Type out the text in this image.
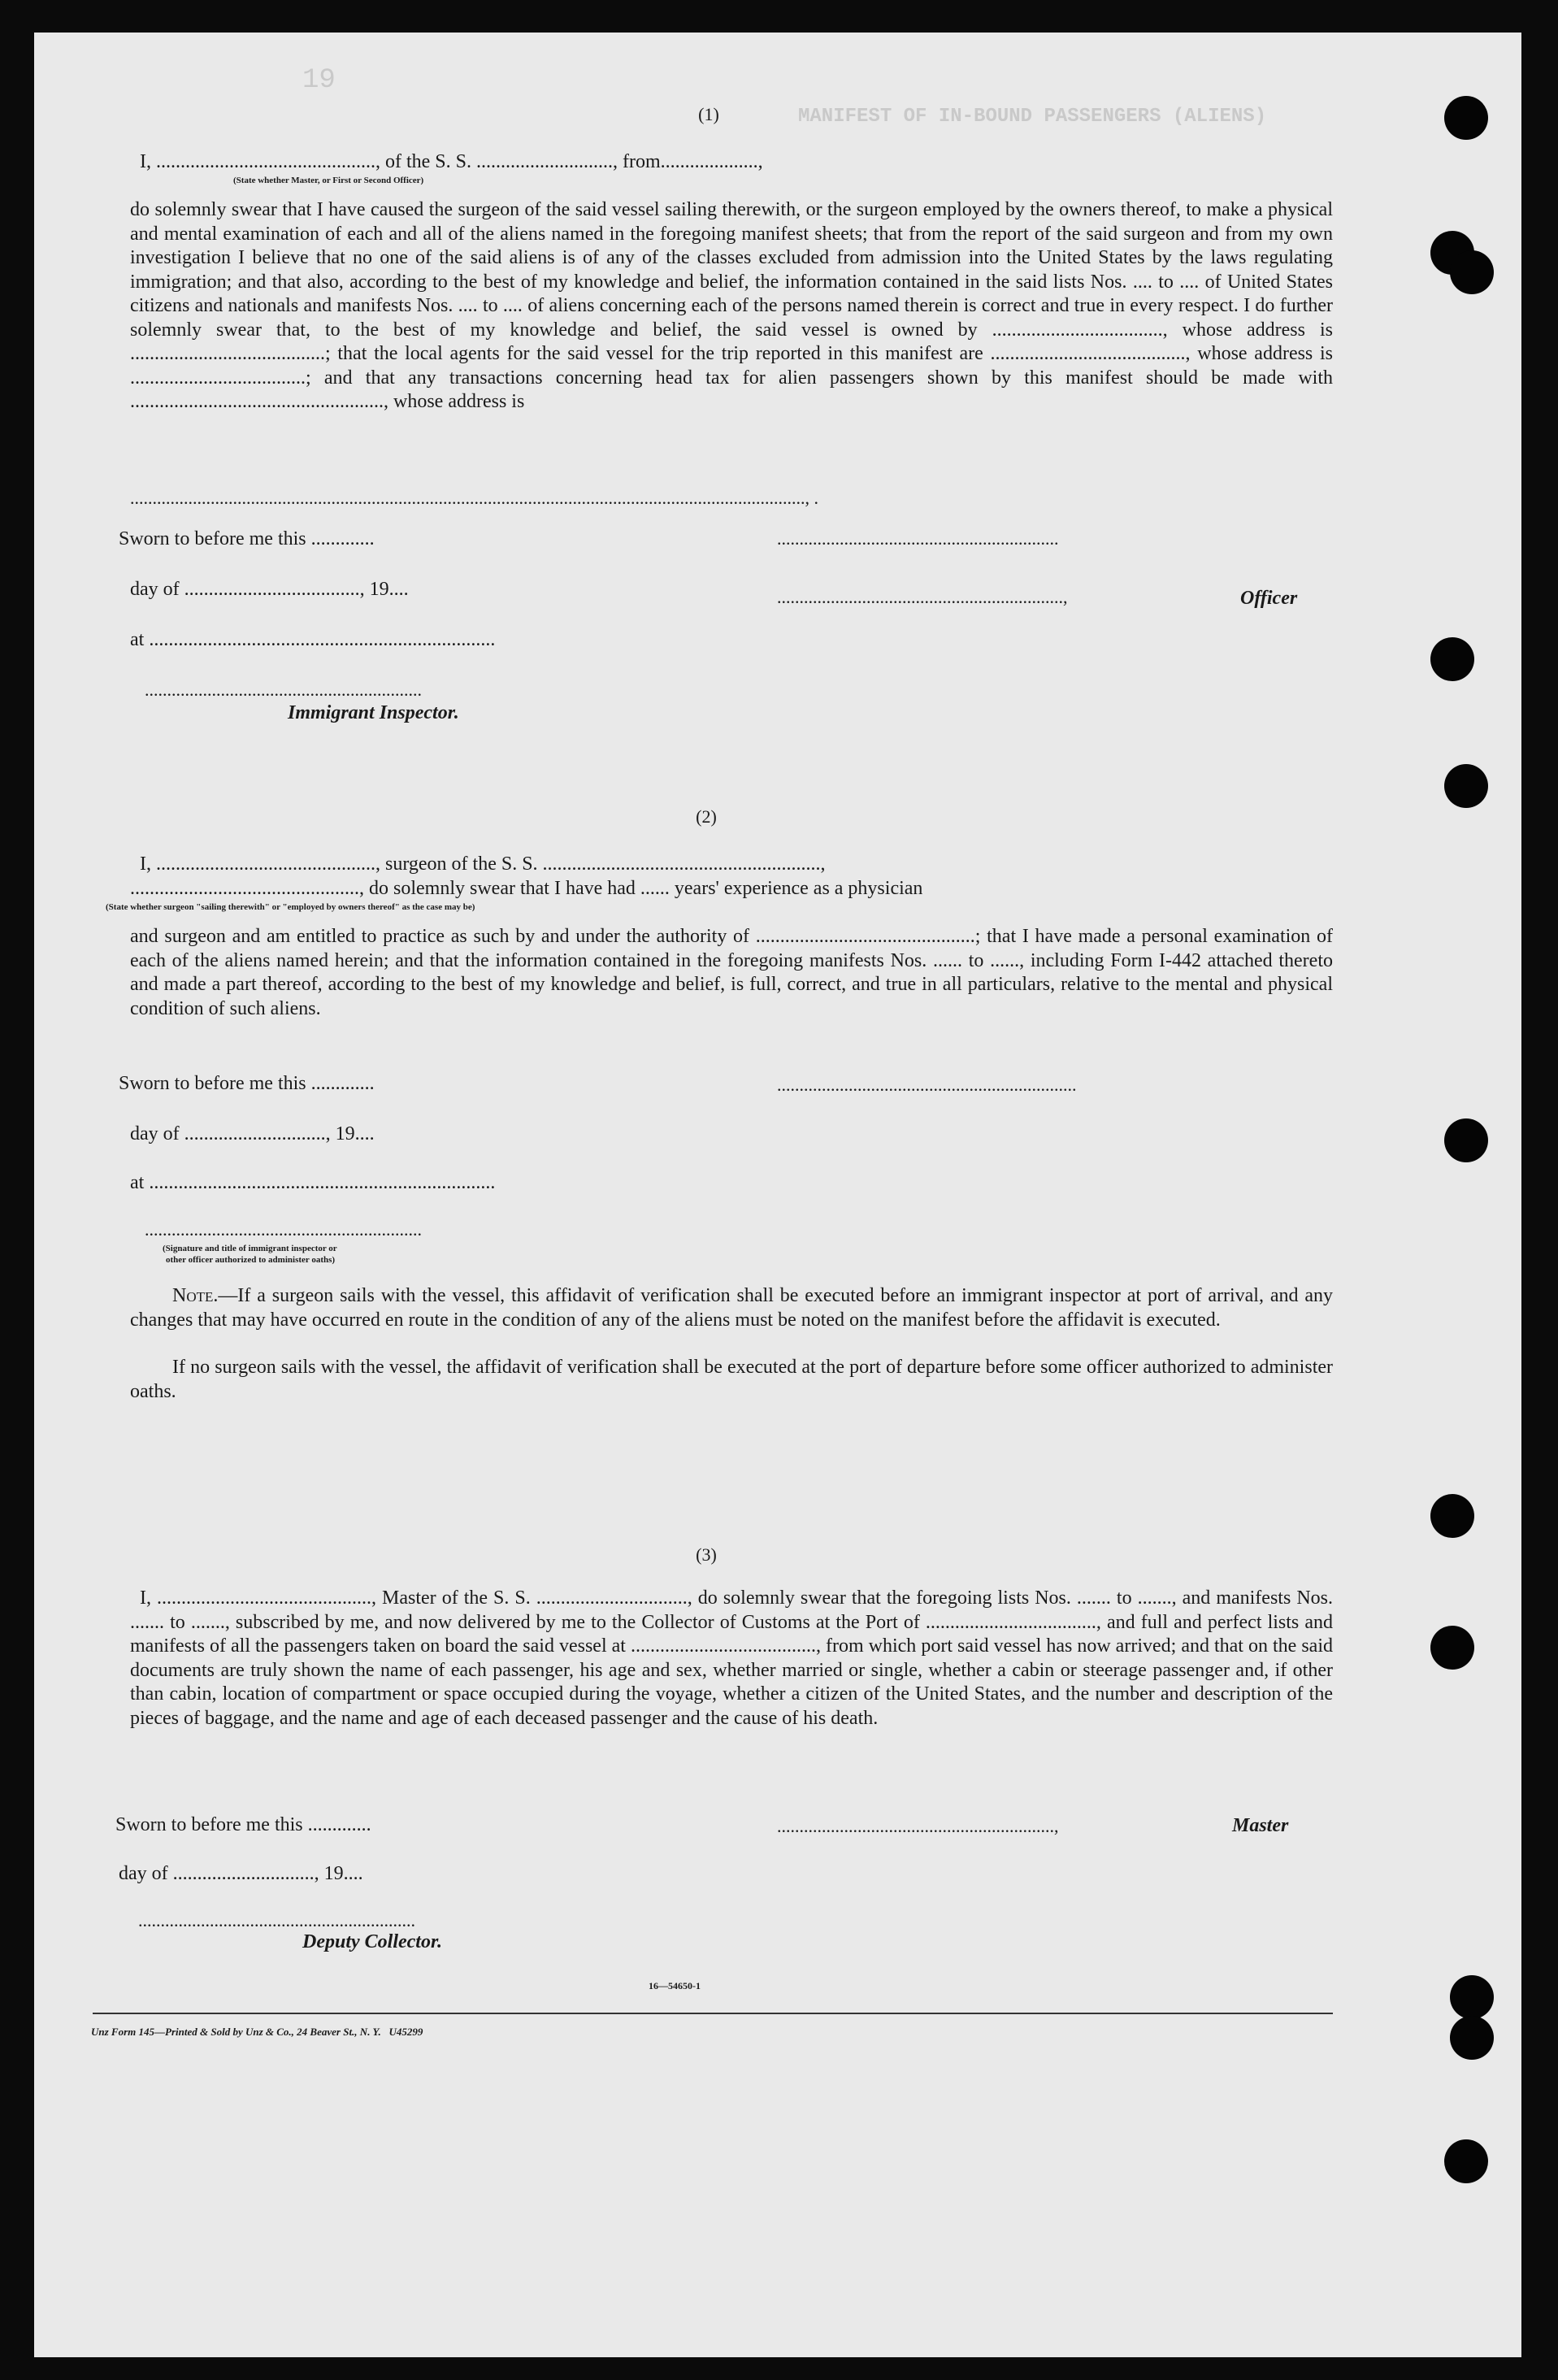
19
MANIFEST OF IN-BOUND PASSENGERS (ALIENS)
(1)
I, ............................................., of the S. S. ............................, from....................,
(State whether Master, or First or Second Officer)
do solemnly swear that I have caused the surgeon of the said vessel sailing therewith, or the surgeon employed by the owners thereof, to make a physical and mental examination of each and all of the aliens named in the foregoing manifest sheets; that from the report of the said surgeon and from my own investigation I believe that no one of the said aliens is of any of the classes excluded from admission into the United States by the laws regulating immigration; and that also, according to the best of my knowledge and belief, the information contained in the said lists Nos. .... to .... of United States citizens and nationals and manifests Nos. .... to .... of aliens concerning each of the persons named therein is correct and true in every respect. I do further solemnly swear that, to the best of my knowledge and belief, the said vessel is owned by ..................................., whose address is ........................................; that the local agents for the said vessel for the trip reported in this manifest are ........................................, whose address is ....................................; and that any transactions concerning head tax for alien passengers shown by this manifest should be made with ...................................................., whose address is
......................................................................................................................................................., .
Sworn to before me this .............	...............................................................
day of ...................................., 19....	................................................................,	Officer
at .......................................................................
..............................................................
Immigrant Inspector.
(2)
I, ............................................., surgeon of the S. S. .........................................................,
..............................................., do solemnly swear that I have had ...... years' experience as a physician
(State whether surgeon "sailing therewith" or "employed by owners thereof" as the case may be)
and surgeon and am entitled to practice as such by and under the authority of .............................................; that I have made a personal examination of each of the aliens named herein; and that the information contained in the foregoing manifests Nos. ...... to ......, including Form I-442 attached thereto and made a part thereof, according to the best of my knowledge and belief, is full, correct, and true in all particulars, relative to the mental and physical condition of such aliens.
Sworn to before me this .............	...................................................................
day of ............................., 19....
at .......................................................................
..............................................................
(Signature and title of immigrant inspector or
other officer authorized to administer oaths)
Note.—If a surgeon sails with the vessel, this affidavit of verification shall be executed before an immigrant inspector at port of arrival, and any changes that may have occurred en route in the condition of any of the aliens must be noted on the manifest before the affidavit is executed.
If no surgeon sails with the vessel, the affidavit of verification shall be executed at the port of departure before some officer authorized to administer oaths.
(3)
I, ............................................, Master of the S. S. ..............................., do solemnly swear that the foregoing lists Nos. ....... to ......., and manifests Nos. ....... to ......., subscribed by me, and now delivered by me to the Collector of Customs at the Port of ..................................., and full and perfect lists and manifests of all the passengers taken on board the said vessel at ......................................, from which port said vessel has now arrived; and that on the said documents are truly shown the name of each passenger, his age and sex, whether married or single, whether a cabin or steerage passenger and, if other than cabin, location of compartment or space occupied during the voyage, whether a citizen of the United States, and the number and description of the pieces of baggage, and the name and age of each deceased passenger and the cause of his death.
Sworn to before me this .............	..............................................................,	Master
day of ............................., 19....
..............................................................
Deputy Collector.
16—54650-1
Unz Form 145—Printed & Sold by Unz & Co., 24 Beaver St., N. Y.   U45299
